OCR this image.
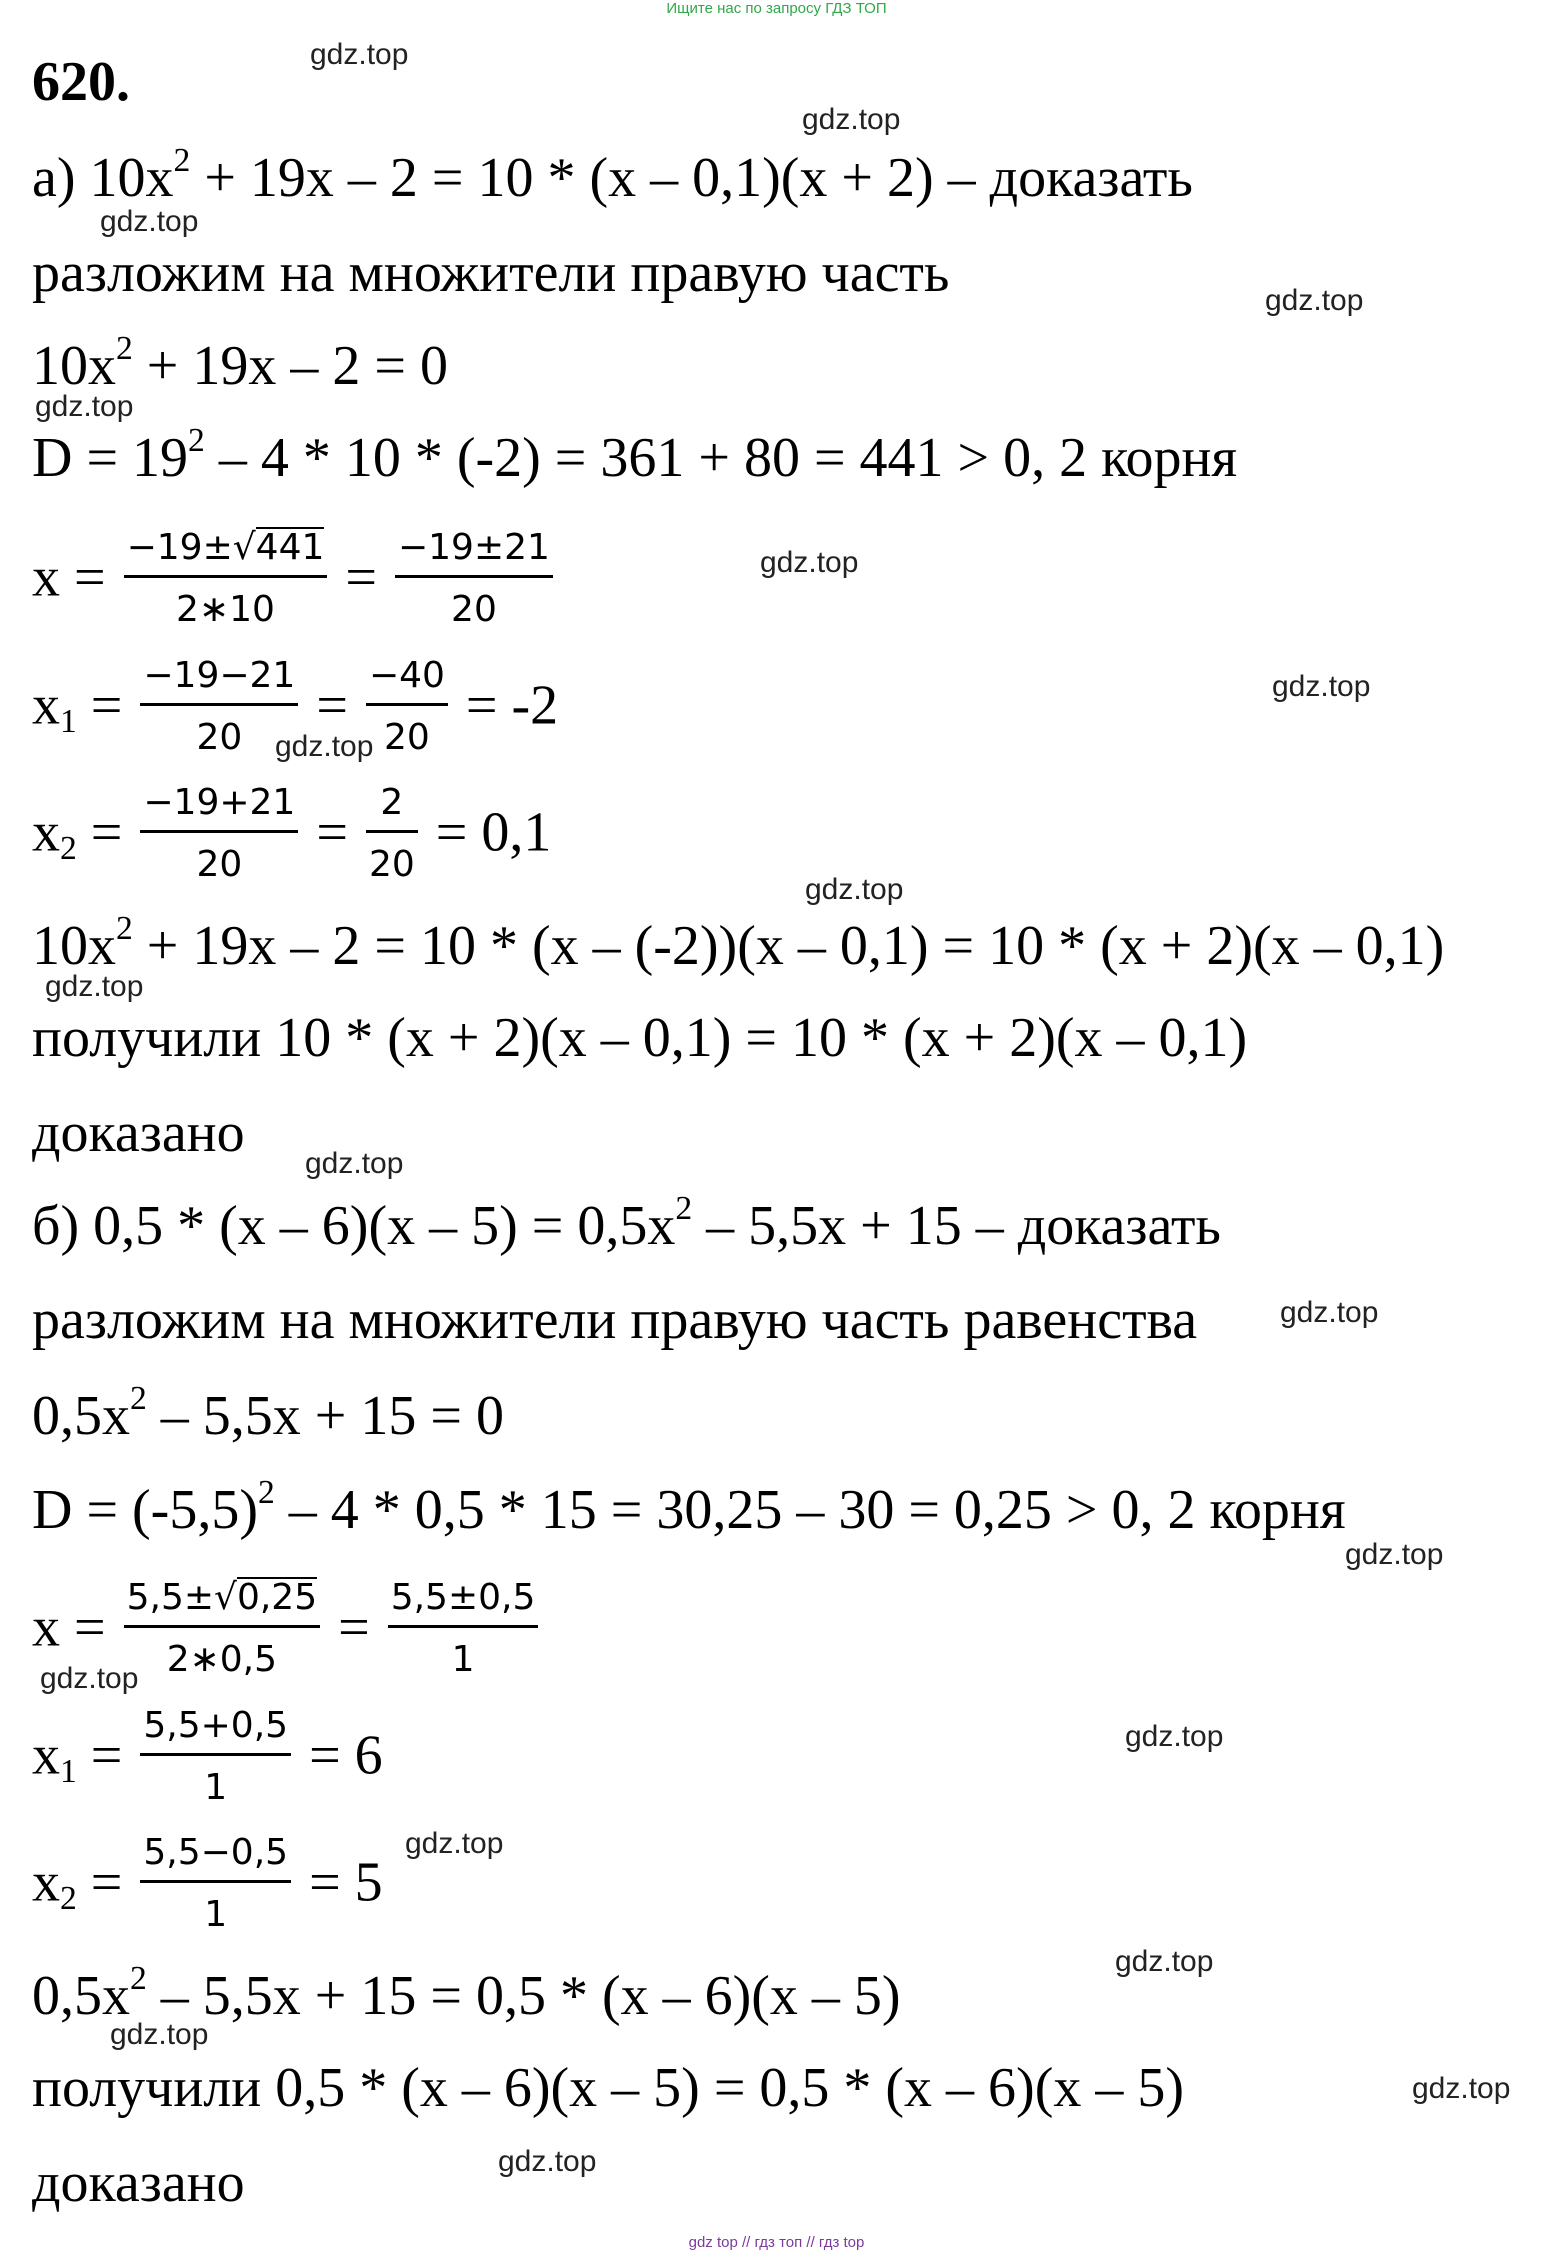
Ищите нас по запросу ГДЗ ТОП
620.
а) $10x^2 + 19x - 2 = 10 * (x - 0,1)(x + 2)$ – доказать
разложим на множители правую часть
$10x^2 + 19x - 2 = 0$
$D = 19^2 - 4 * 10 * (-2) = 361 + 80 = 441 > 0$, 2 корня
$x = \frac{-19\pm√441}{2∗10} = \frac{-19\pm 21}{20}$
$x_1 = \frac{-19-21}{20} = \frac{-40}{20} = -2$
$x_2 = \frac{-19+21}{20} = \frac{2}{20} = 0,1$
$10x^2 + 19x - 2 = 10 * (x - (-2))(x - 0,1) = 10 * (x + 2)(x - 0,1)$
получили 10 * (x + 2)(x – 0,1) = 10 * (x + 2)(x – 0,1)
доказано
б) $0,5 * (x - 6)(x - 5) = 0,5x^2 - 5,5x + 15$ – доказать
разложим на множители правую часть равенства
$0,5x^2 - 5,5x + 15 = 0$
$D = (-5,5)^2 - 4 * 0,5 * 15 = 30,25 - 30 = 0,25 > 0$, 2 корня
$x = \frac{5,5\pm√0,25}{2∗0,5} = \frac{5,5\pm 0,5}{1}$
$x_1 = \frac{5,5+0,5}{1} = 6$
$x_2 = \frac{5,5-0,5}{1} = 5$
$0,5x^2 - 5,5x + 15 = 0,5 * (x - 6)(x - 5)$
получили 0,5 * (x – 6)(x – 5) = 0,5 * (x – 6)(x – 5)
доказано
gdz.top
gdz.top
gdz.top
gdz.top
gdz.top
gdz.top
gdz.top
gdz.top
gdz.top
gdz.top
gdz.top
gdz.top
gdz.top
gdz.top
gdz.top
gdz.top
gdz.top
gdz.top
gdz.top
gdz.top
gdz top // гдз топ // гдз top
